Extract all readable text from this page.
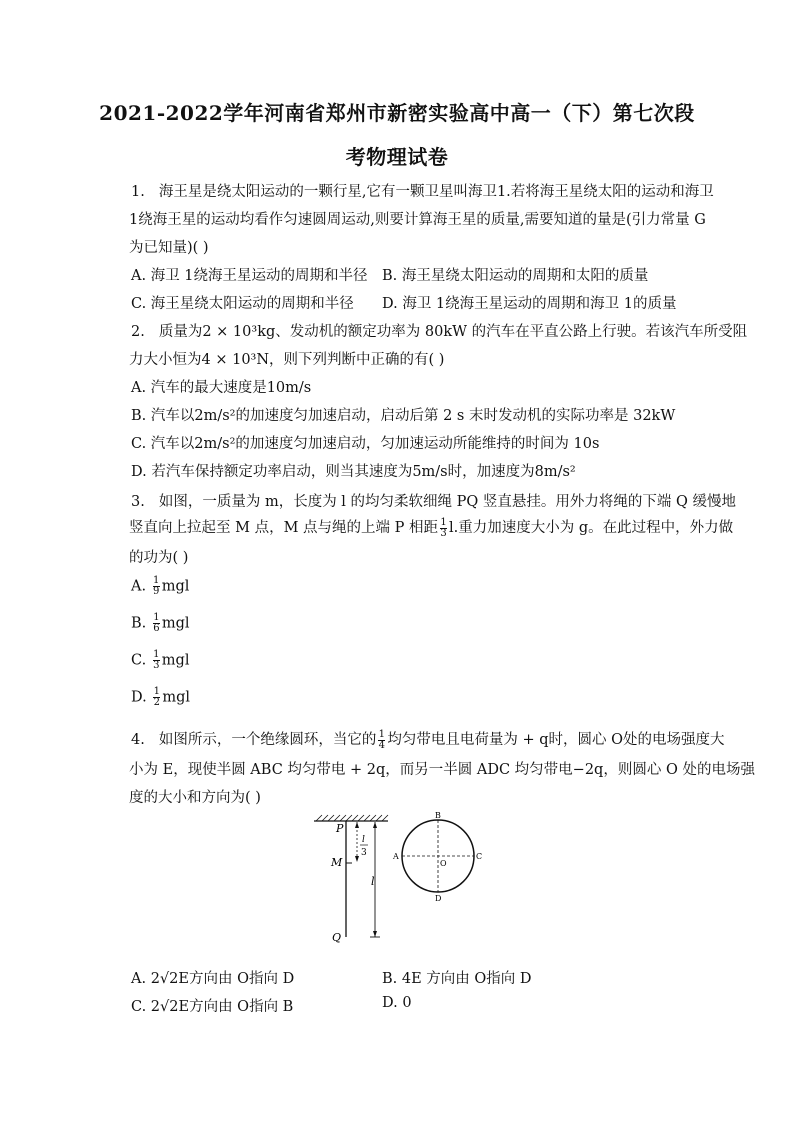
2021-2022学年河南省郑州市新密实验高中高一（下）第七次段
考物理试卷
1. 海王星是绕太阳运动的一颗行星,它有一颗卫星叫海卫1.若将海王星绕太阳的运动和海卫
1绕海王星的运动均看作匀速圆周运动,则要计算海王星的质量,需要知道的量是(引力常量 G
为已知量)( )
A. 海卫 1绕海王星运动的周期和半径 B. 海王星绕太阳运动的周期和太阳的质量
C. 海王星绕太阳运动的周期和半径 D. 海卫 1绕海王星运动的周期和海卫 1的质量
2. 质量为2 × 10³kg、发动机的额定功率为 80kW 的汽车在平直公路上行驶。若该汽车所受阻
力大小恒为4 × 10³N，则下列判断中正确的有( )
A. 汽车的最大速度是10m/s
B. 汽车以2m/s²的加速度匀加速启动，启动后第 2 s 末时发动机的实际功率是 32kW
C. 汽车以2m/s²的加速度匀加速启动，匀加速运动所能维持的时间为 10s
D. 若汽车保持额定功率启动，则当其速度为5m/s时，加速度为8m/s²
3. 如图，一质量为 m，长度为 l 的均匀柔软细绳 PQ 竖直悬挂。用外力将绳的下端 Q 缓慢地
竖直向上拉起至 M 点，M 点与绳的上端 P 相距 $\frac{1}{3} l$.重力加速度大小为 g。在此过程中，外力做
的功为( )
A. $\frac{1}{9}$ mgl
B. $\frac{1}{6}$ mgl
C. $\frac{1}{3}$ mgl
D. $\frac{1}{2}$ mgl
4. 如图所示，一个绝缘圆环，当它的 $\frac{1}{4}$ 均匀带电且电荷量为 + q时，圆心 O处的电场强度大
小为 E，现使半圆 ABC 均匀带电 + 2q，而另一半圆 ADC 均匀带电−2q，则圆心 O 处的电场强
度的大小和方向为( )
P
M
Q
l
3
l
B
A	C
D
O
A. 2√2E方向由 O指向 D	B. 4E 方向由 O指向 D
C. 2√2E方向由 O指向 B	D. 0
